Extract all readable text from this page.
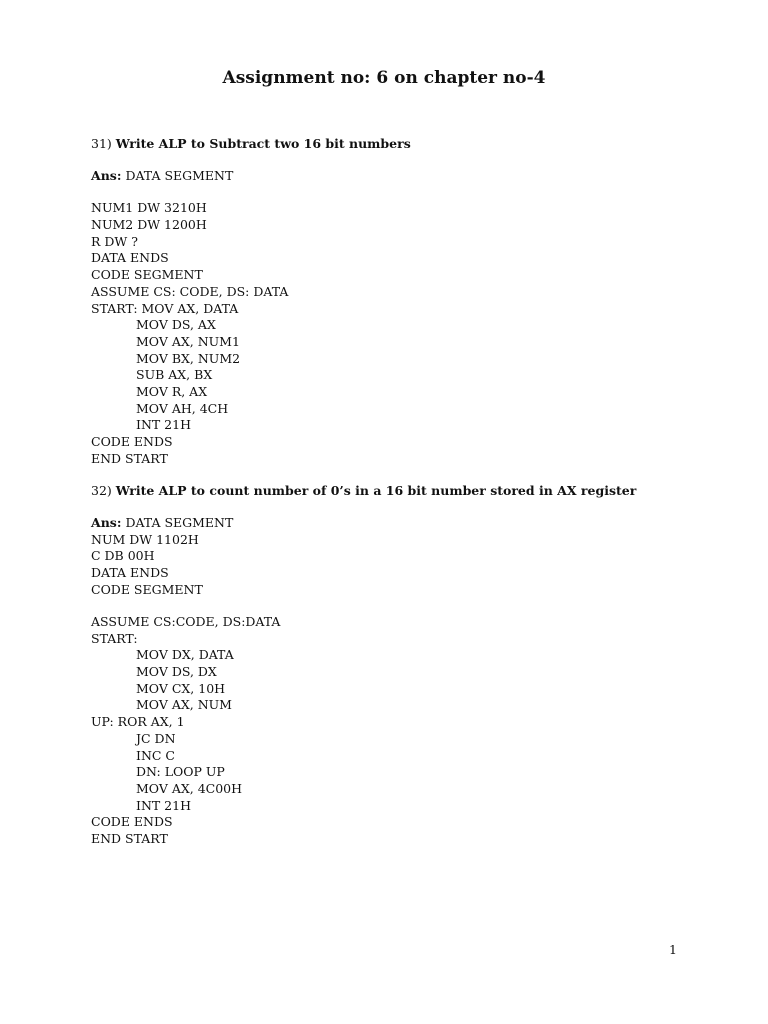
Assignment no: 6 on chapter no-4
31) Write ALP to Subtract two 16 bit numbers
Ans: DATA SEGMENT
NUM1 DW 3210H
NUM2 DW 1200H
R DW ?
DATA ENDS
CODE SEGMENT
ASSUME CS: CODE, DS: DATA
START: MOV AX, DATA
MOV DS, AX
MOV AX, NUM1
MOV BX, NUM2
SUB AX, BX
MOV R, AX
MOV AH, 4CH
INT 21H
CODE ENDS
END START
32) Write ALP to count number of 0’s in a 16 bit number stored in AX register
Ans: DATA SEGMENT
NUM DW 1102H
C DB 00H
DATA ENDS
CODE SEGMENT
ASSUME CS:CODE, DS:DATA
START:
MOV DX, DATA
MOV DS, DX
MOV CX, 10H
MOV AX, NUM
UP: ROR AX, 1
JC DN
INC C
DN: LOOP UP
MOV AX, 4C00H
INT 21H
CODE ENDS
END START
1
